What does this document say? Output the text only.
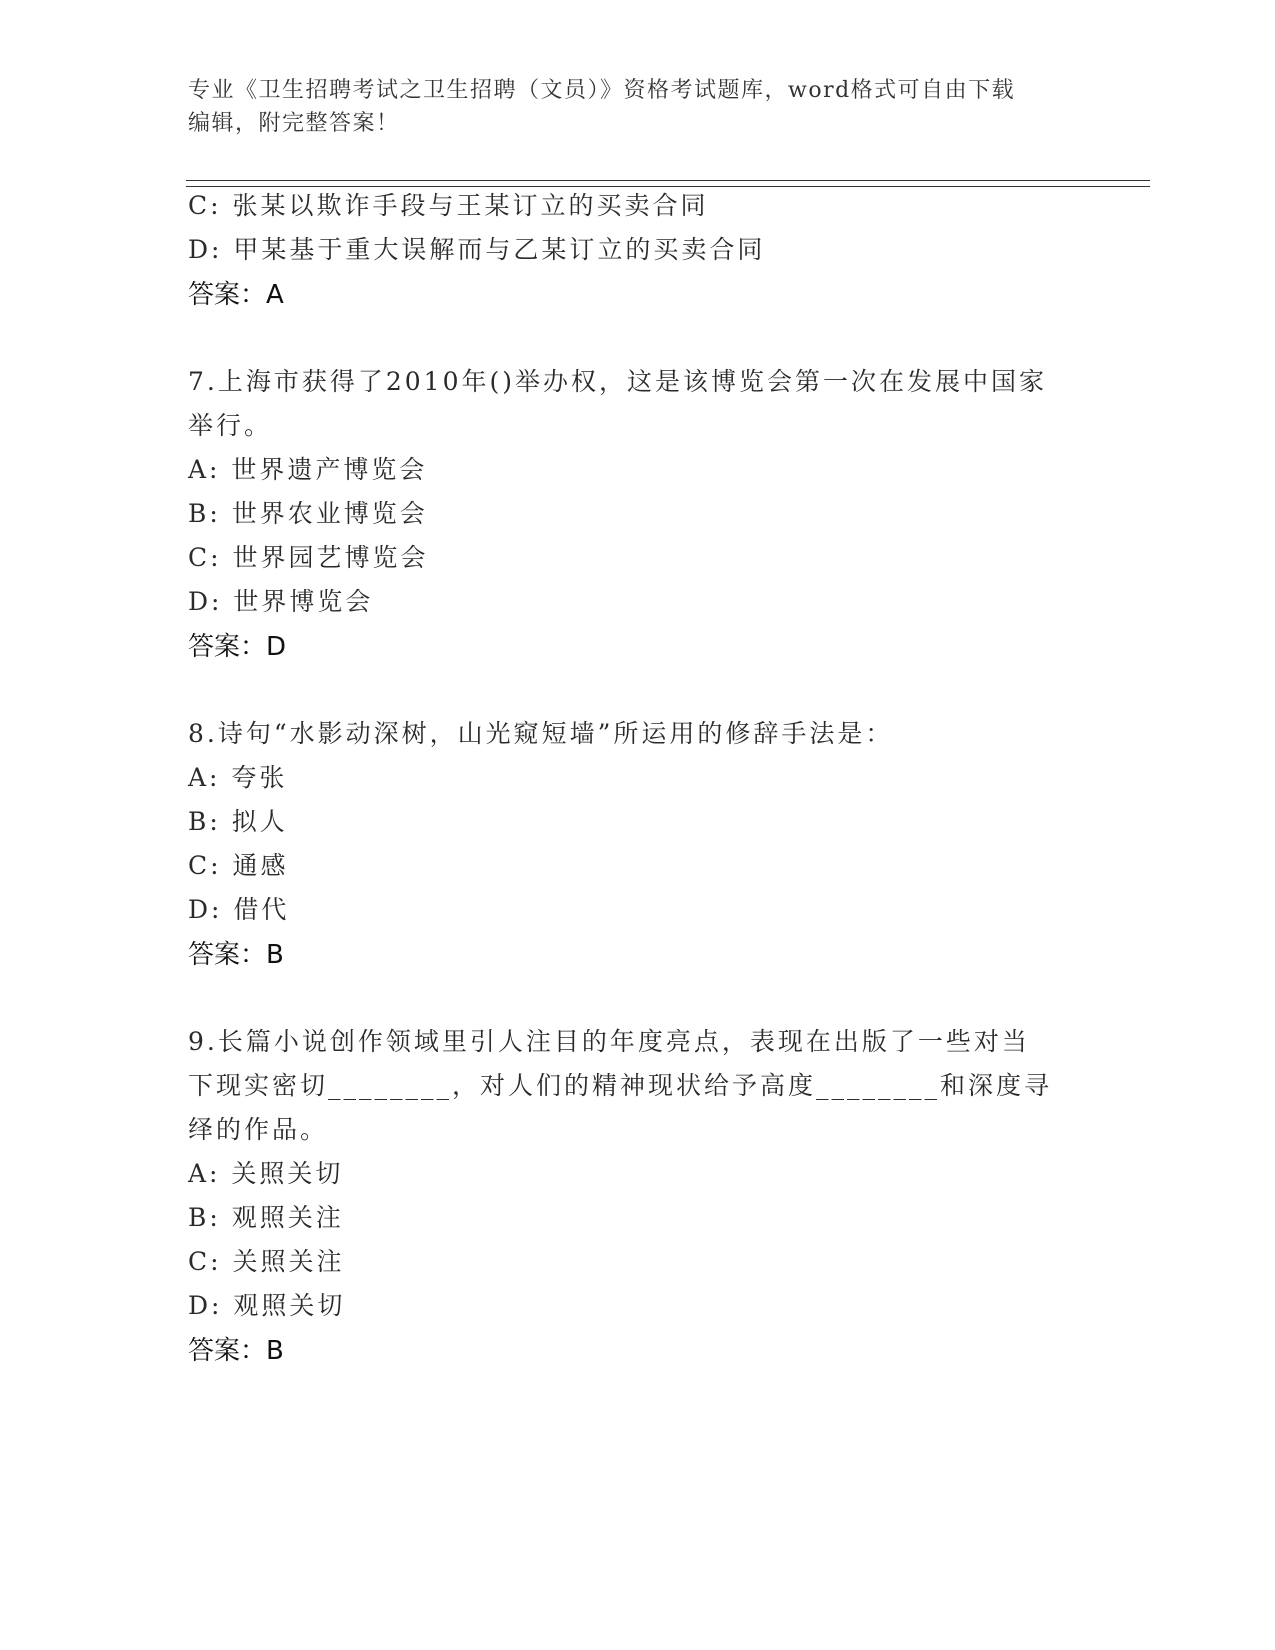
专业《卫生招聘考试之卫生招聘（文员）》资格考试题库，word格式可自由下载
编辑，附完整答案！
C: 张某以欺诈手段与王某订立的买卖合同
D: 甲某基于重大误解而与乙某订立的买卖合同
答案：A
7.上海市获得了2010年()举办权，这是该博览会第一次在发展中国家
举行。
A: 世界遗产博览会
B: 世界农业博览会
C: 世界园艺博览会
D: 世界博览会
答案：D
8.诗句“水影动深树，山光窥短墙”所运用的修辞手法是：
A: 夸张
B: 拟人
C: 通感
D: 借代
答案：B
9.长篇小说创作领域里引人注目的年度亮点，表现在出版了一些对当
下现实密切________，对人们的精神现状给予高度________和深度寻
绎的作品。
A: 关照关切
B: 观照关注
C: 关照关注
D: 观照关切
答案：B
